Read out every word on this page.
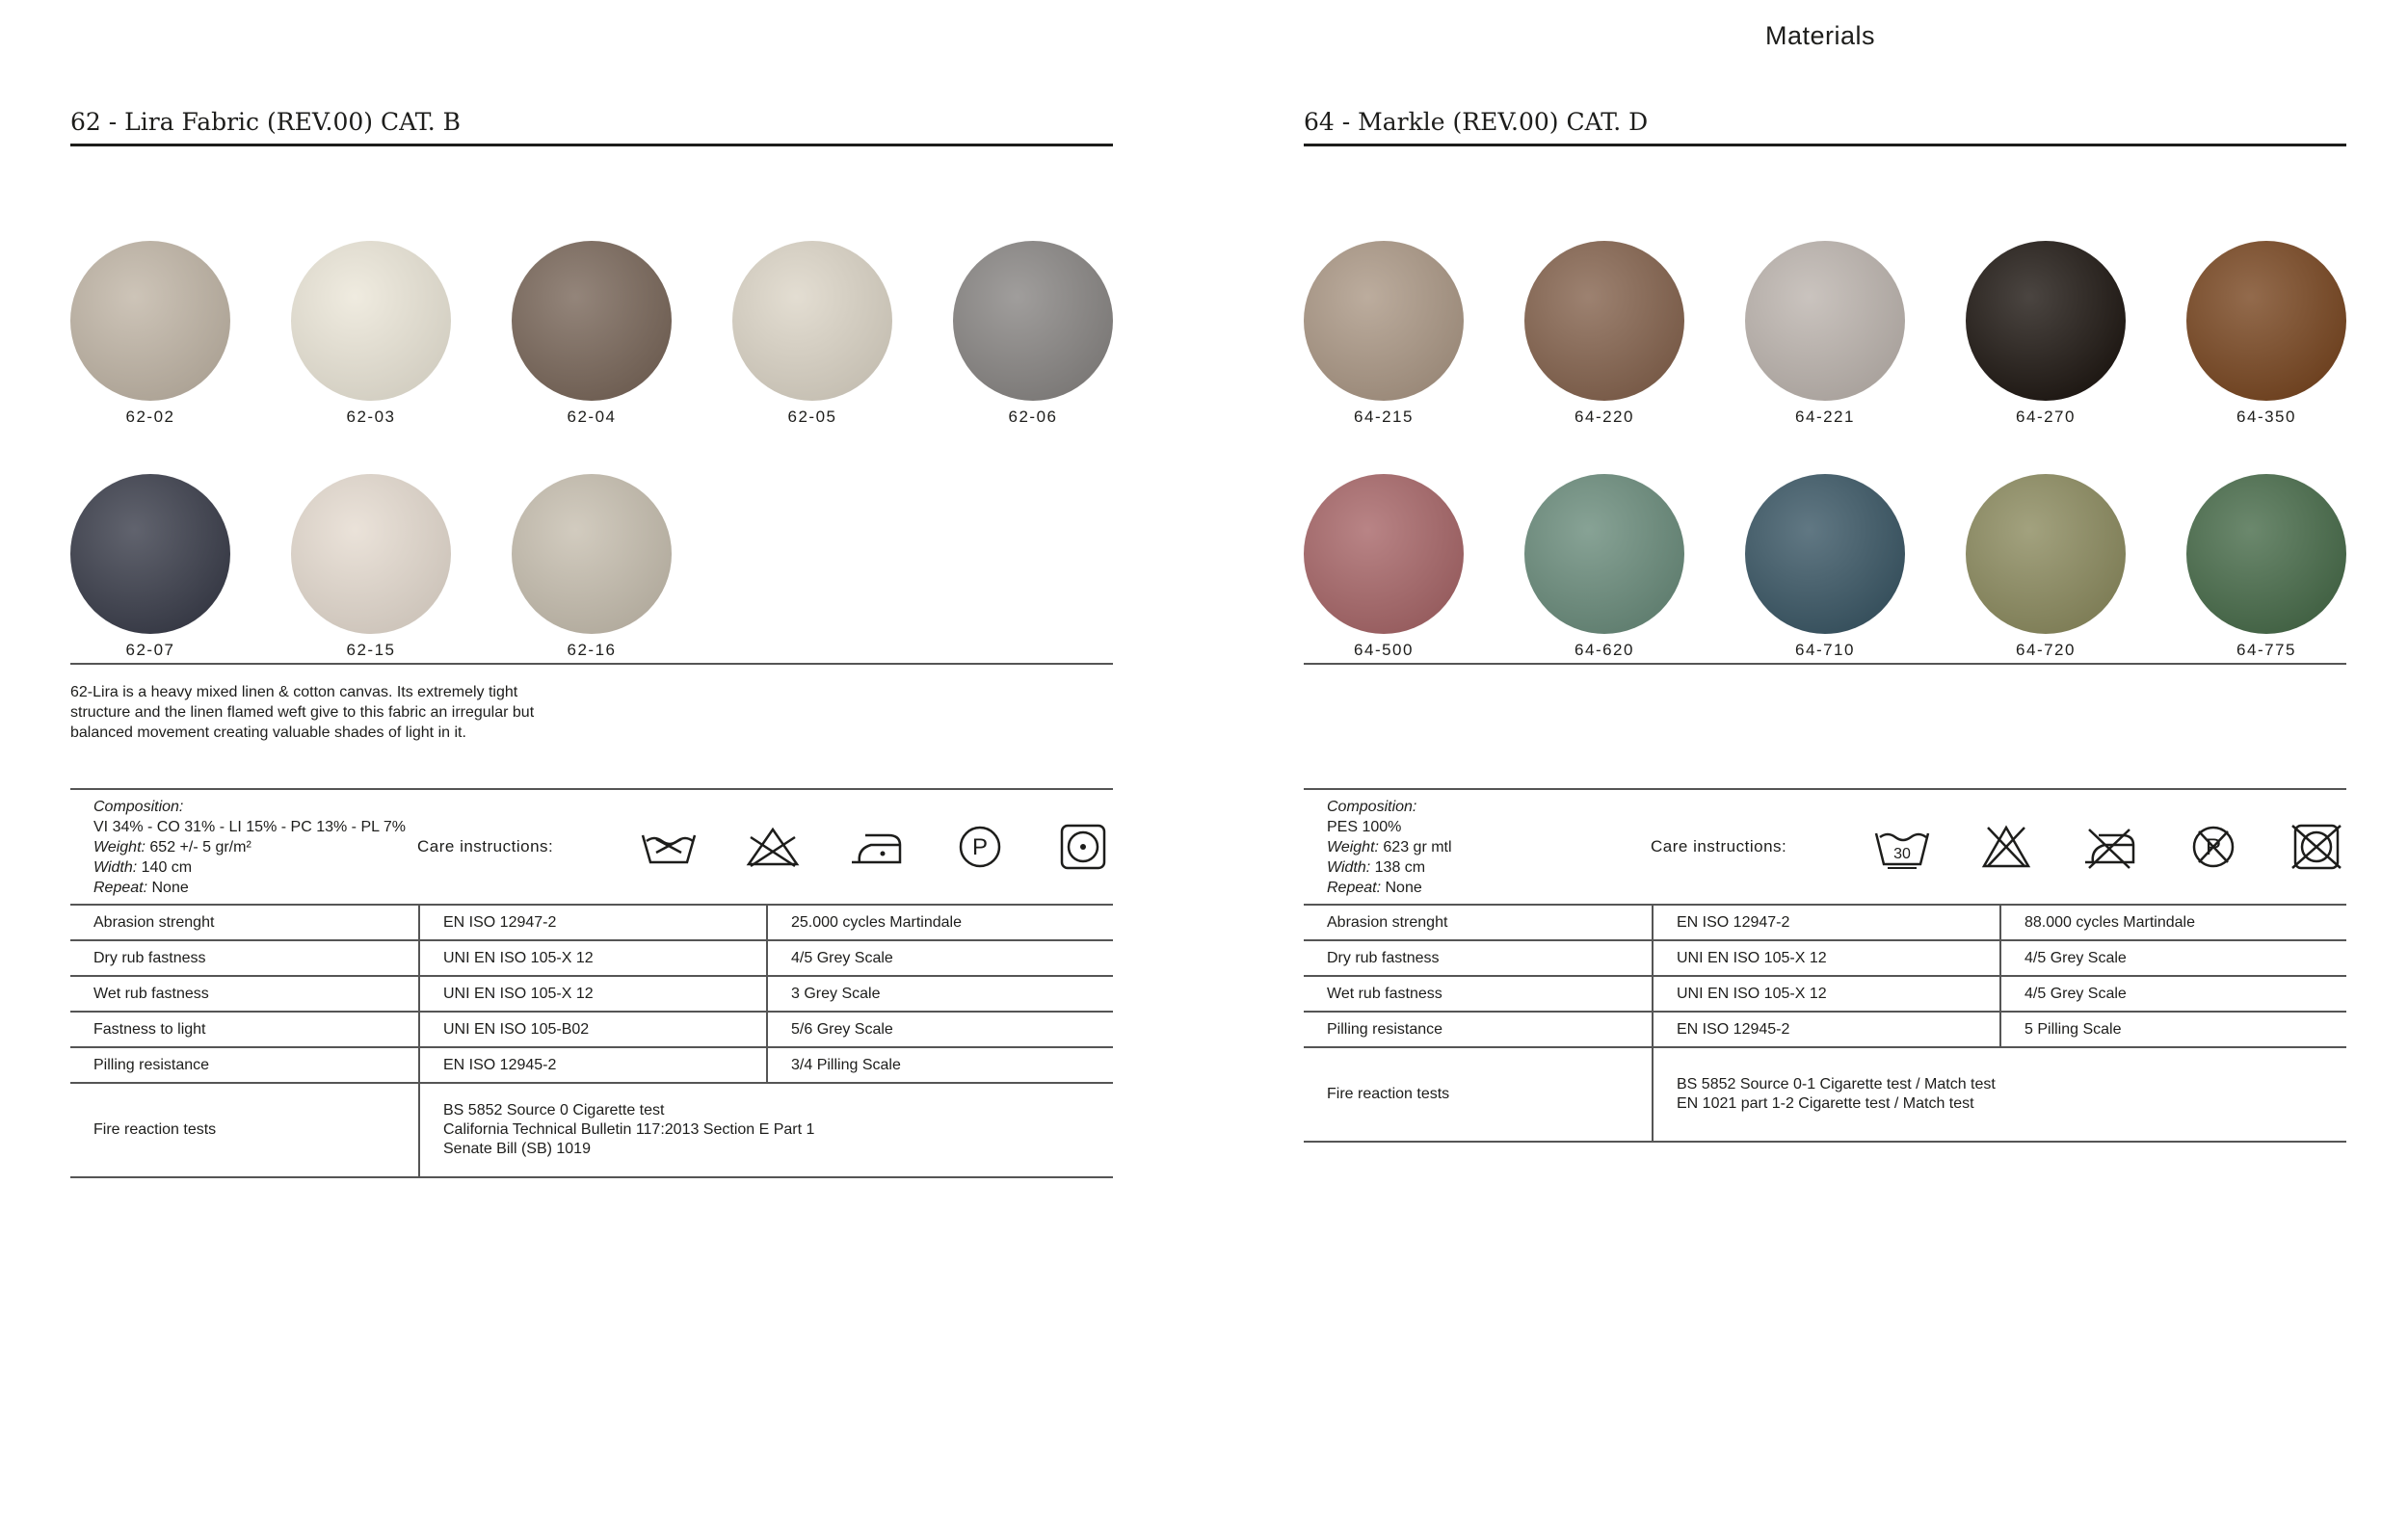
Materials
62 - Lira Fabric (REV.00) CAT. B
62-02	62-03	62-04	62-05	62-06
62-07	62-15	62-16
62-Lira is a heavy mixed linen & cotton canvas. Its extremely tight
structure and the linen flamed weft give to this fabric an irregular but
balanced movement creating valuable shades of light in it.
Composition:
VI 34% - CO 31% - LI 15% - PC 13% - PL 7%
Weight: 652 +/- 5 gr/m²
Width: 140 cm
Repeat: None
Care instructions:	P
Abrasion strenght	EN ISO 12947-2	25.000 cycles Martindale
Dry rub fastness	UNI EN ISO 105-X 12	4/5 Grey Scale
Wet rub fastness	UNI EN ISO 105-X 12	3 Grey Scale
Fastness to light	UNI EN ISO 105-B02	5/6 Grey Scale
Pilling resistance	EN ISO 12945-2	3/4 Pilling Scale
Fire reaction tests
BS 5852 Source 0 Cigarette test
California Technical Bulletin 117:2013 Section E Part 1
Senate Bill (SB) 1019
64 - Markle (REV.00) CAT. D
64-215	64-220	64-221	64-270	64-350
64-500	64-620	64-710	64-720	64-775
Composition:
PES 100%
Weight: 623 gr mtl
Width: 138 cm
Repeat: None
Care instructions:	30	P
Abrasion strenght	EN ISO 12947-2	88.000 cycles Martindale
Dry rub fastness	UNI EN ISO 105-X 12	4/5 Grey Scale
Wet rub fastness	UNI EN ISO 105-X 12	4/5 Grey Scale
Pilling resistance	EN ISO 12945-2	5 Pilling Scale
Fire reaction tests
BS 5852 Source 0-1 Cigarette test / Match test
EN 1021 part 1-2 Cigarette test / Match test
